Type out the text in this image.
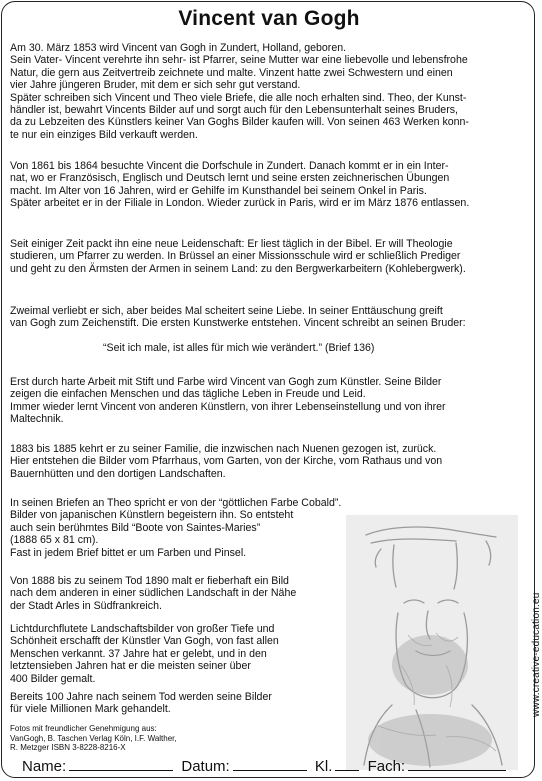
Vincent van Gogh
Am 30. März 1853 wird Vincent van Gogh in Zundert, Holland, geboren.
Sein Vater- Vincent verehrte ihn sehr- ist Pfarrer, seine Mutter war eine liebevolle und lebensfrohe
Natur, die gern aus Zeitvertreib zeichnete und malte. Vinzent hatte zwei Schwestern und einen
vier Jahre jüngeren Bruder, mit dem er sich sehr gut verstand.
Später schreiben sich Vincent und Theo viele Briefe, die alle noch erhalten sind. Theo, der Kunst-
händler ist, bewahrt Vincents Bilder auf und sorgt auch für den Lebensunterhalt seines Bruders,
da zu Lebzeiten des Künstlers keiner Van Goghs Bilder kaufen will. Von seinen 463 Werken konn-
te nur ein einziges Bild verkauft werden.
Von 1861 bis 1864 besuchte Vincent die Dorfschule in Zundert. Danach kommt er in ein Inter-
nat, wo er Französisch, Englisch und Deutsch lernt und seine ersten zeichnerischen Übungen
macht. Im Alter von 16 Jahren, wird er Gehilfe im Kunsthandel bei seinem Onkel in Paris.
Später arbeitet er in der Filiale in London. Wieder zurück in Paris, wird er im März 1876 entlassen.
Seit einiger Zeit packt ihn eine neue Leidenschaft: Er liest täglich in der Bibel. Er will Theologie
studieren, um Pfarrer zu werden. In Brüssel an einer Missionsschule wird er schließlich Prediger
und geht zu den Ärmsten der Armen in seinem Land: zu den Bergwerkarbeitern (Kohlebergwerk).
Zweimal verliebt er sich, aber beides Mal scheitert seine Liebe. In seiner Enttäuschung greift
van Gogh zum Zeichenstift. Die ersten Kunstwerke entstehen. Vincent schreibt an seinen Bruder:
“Seit ich male, ist alles für mich wie verändert.” (Brief 136)
Erst durch harte Arbeit mit Stift und Farbe wird Vincent van Gogh zum Künstler. Seine Bilder
zeigen die einfachen Menschen und das tägliche Leben in Freude und Leid.
Immer wieder lernt Vincent von anderen Künstlern, von ihrer Lebenseinstellung und von ihrer
Maltechnik.
1883 bis 1885 kehrt er zu seiner Familie, die inzwischen nach Nuenen gezogen ist, zurück.
Hier entstehen die Bilder vom Pfarrhaus, vom Garten, von der Kirche, vom Rathaus und von
Bauernhütten und den dortigen Landschaften.
In seinen Briefen an Theo spricht er von der “göttlichen Farbe Cobald”.
Bilder von japanischen Künstlern begeistern ihn. So entsteht
auch sein berühmtes Bild “Boote von Saintes-Maries”
(1888 65 x 81 cm).
Fast in jedem Brief bittet er um Farben und Pinsel.
Von 1888 bis zu seinem Tod 1890 malt er fieberhaft ein Bild
nach dem anderen in einer südlichen Landschaft in der Nähe
der Stadt Arles in Südfrankreich.
Lichtdurchflutete Landschaftsbilder von großer Tiefe und
Schönheit erschafft der Künstler Van Gogh, von fast allen
Menschen verkannt. 37 Jahre hat er gelebt, und in den
letztensieben Jahren hat er die meisten seiner über
400 Bilder gemalt.
Bereits 100 Jahre nach seinem Tod werden seine Bilder
für viele Millionen Mark gehandelt.
Fotos mit freundlicher Genehmigung aus:
VanGogh, B. Taschen Verlag Köln, I.F. Walther,
R. Metzger ISBN 3-8228-8216-X
www.creative-education.eu
Name:	Datum:	Kl. Fach:
